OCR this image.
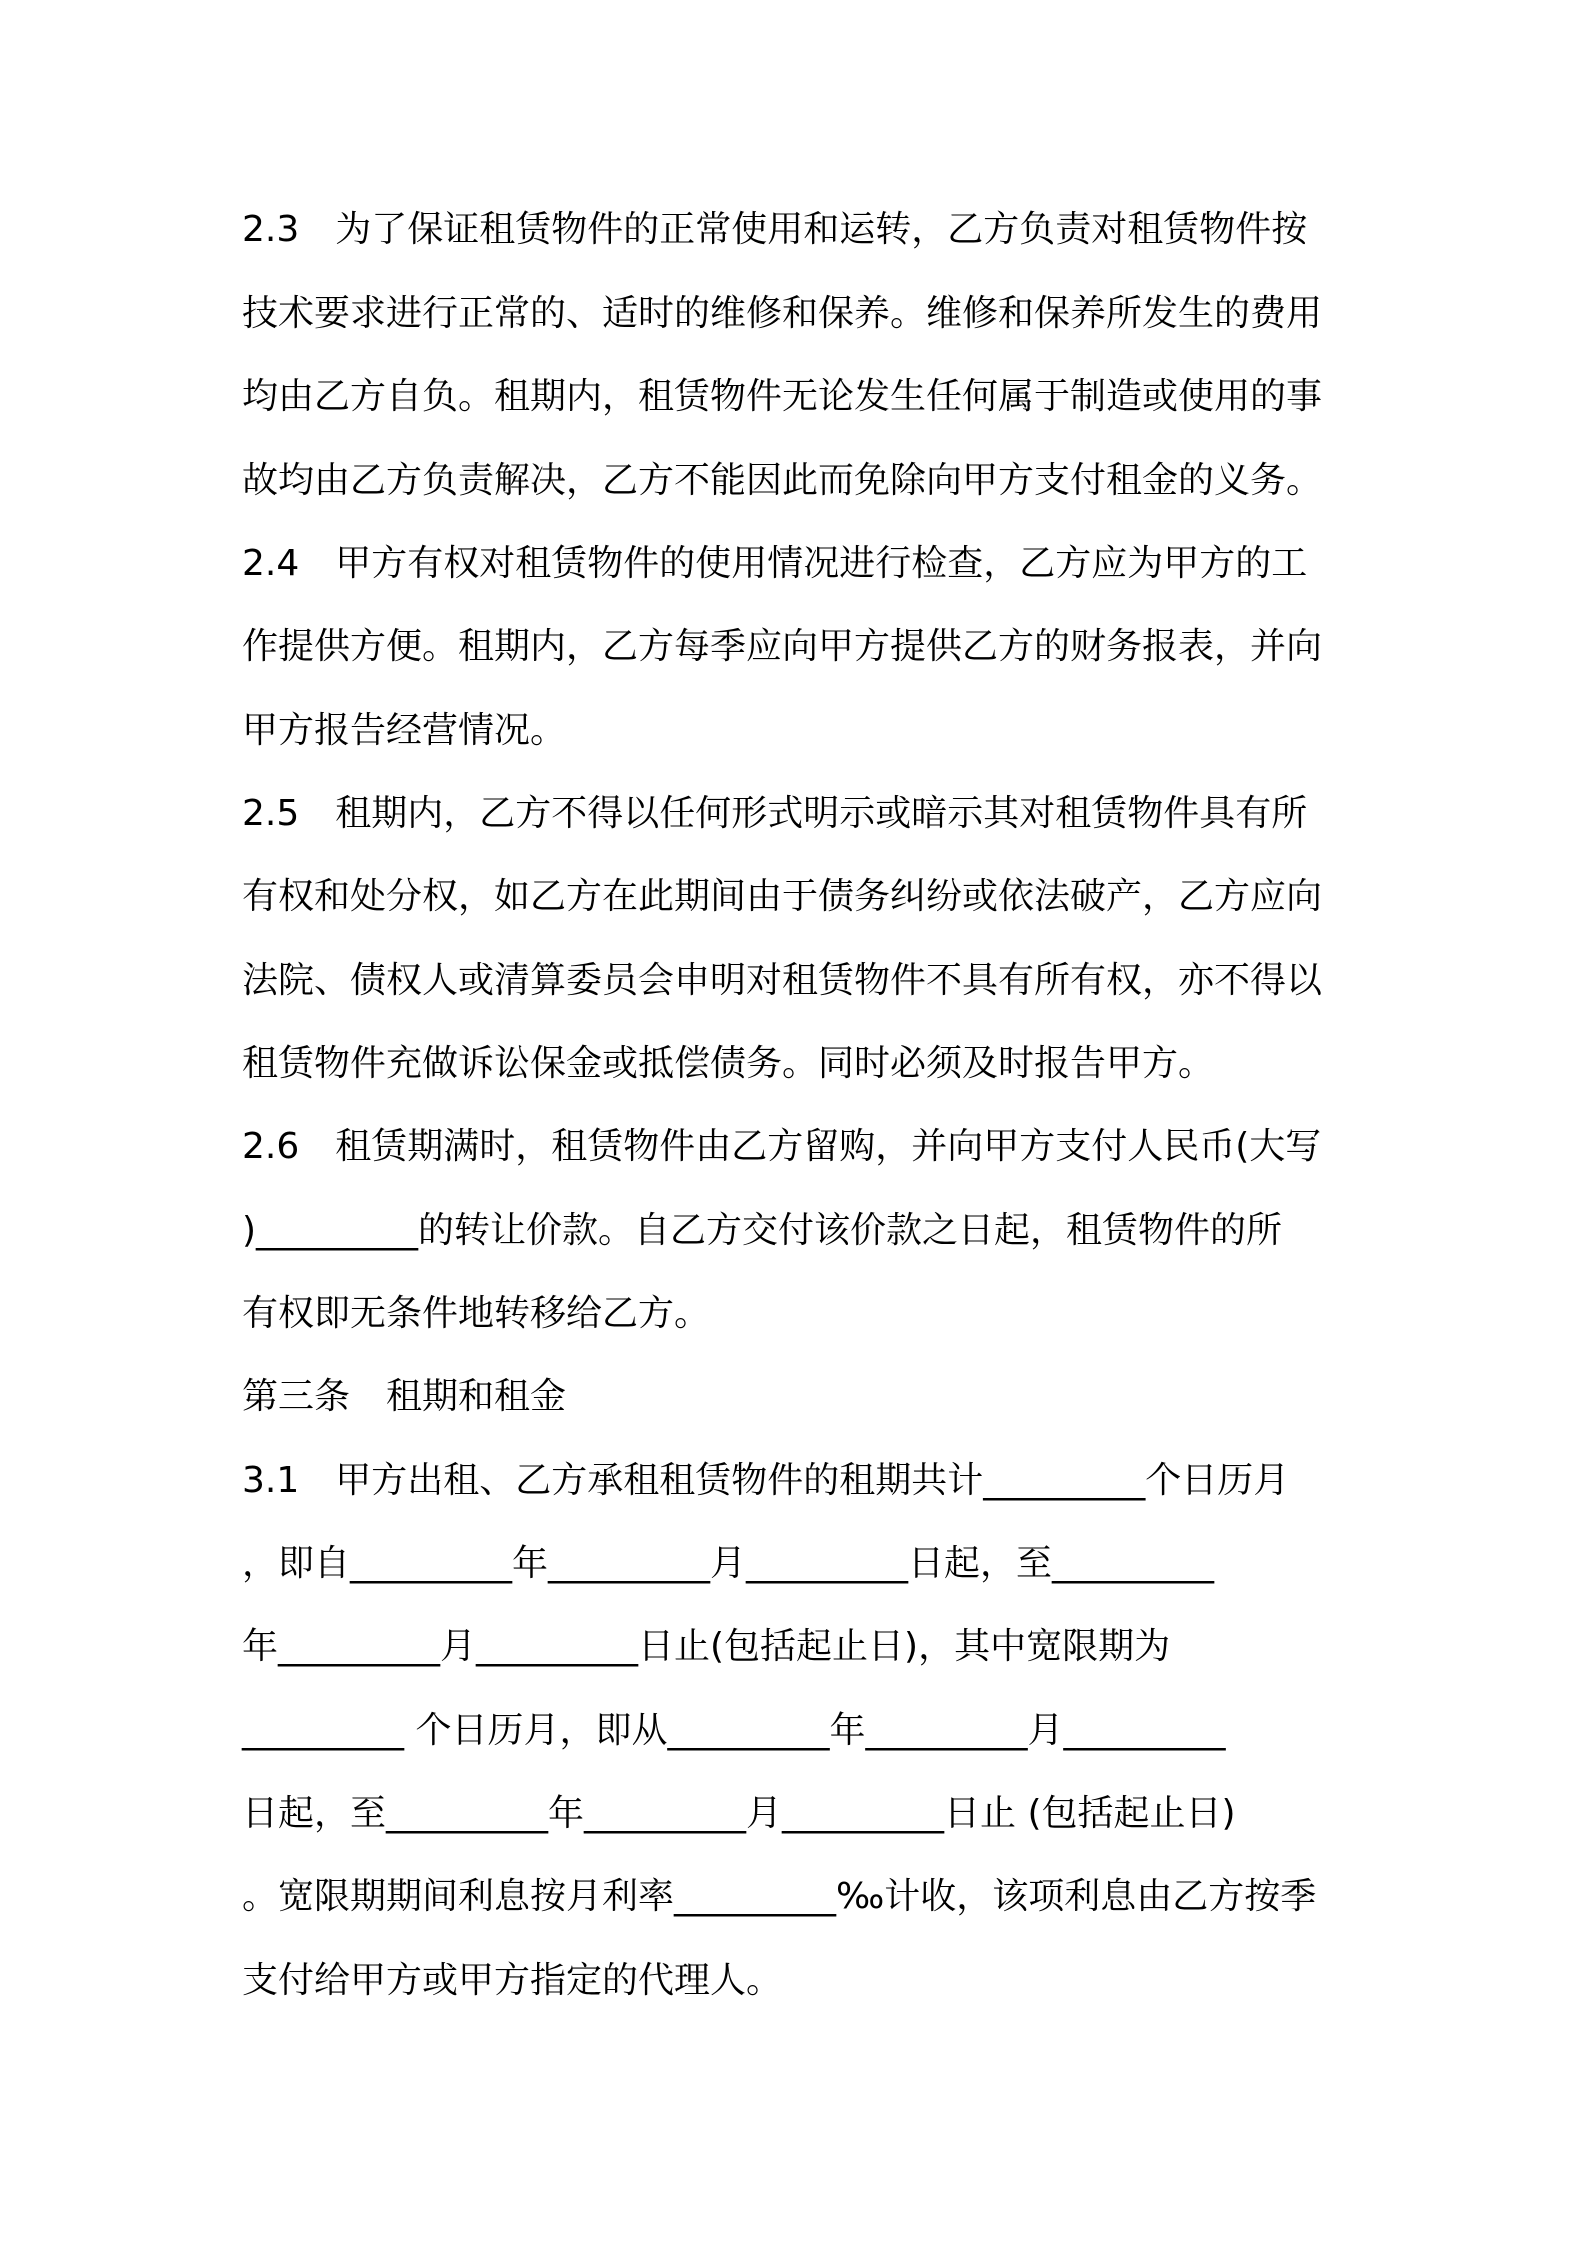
2.3　为了保证租赁物件的正常使用和运转，乙方负责对租赁物件按
技术要求进行正常的、适时的维修和保养。维修和保养所发生的费用
均由乙方自负。租期内，租赁物件无论发生任何属于制造或使用的事
故均由乙方负责解决，乙方不能因此而免除向甲方支付租金的义务。
2.4　甲方有权对租赁物件的使用情况进行检查，乙方应为甲方的工
作提供方便。租期内，乙方每季应向甲方提供乙方的财务报表，并向
甲方报告经营情况。
2.5　租期内，乙方不得以任何形式明示或暗示其对租赁物件具有所
有权和处分权，如乙方在此期间由于债务纠纷或依法破产，乙方应向
法院、债权人或清算委员会申明对租赁物件不具有所有权，亦不得以
租赁物件充做诉讼保金或抵偿债务。同时必须及时报告甲方。
2.6　租赁期满时，租赁物件由乙方留购，并向甲方支付人民币(大写
)_________的转让价款。自乙方交付该价款之日起，租赁物件的所
有权即无条件地转移给乙方。
第三条　租期和租金
3.1　甲方出租、乙方承租租赁物件的租期共计_________个日历月
，即自_________年_________月_________日起，至_________
年_________月_________日止(包括起止日)，其中宽限期为
_________ 个日历月，即从_________年_________月_________
日起，至_________年_________月_________日止 (包括起止日)
。宽限期期间利息按月利率_________‰计收，该项利息由乙方按季
支付给甲方或甲方指定的代理人。
